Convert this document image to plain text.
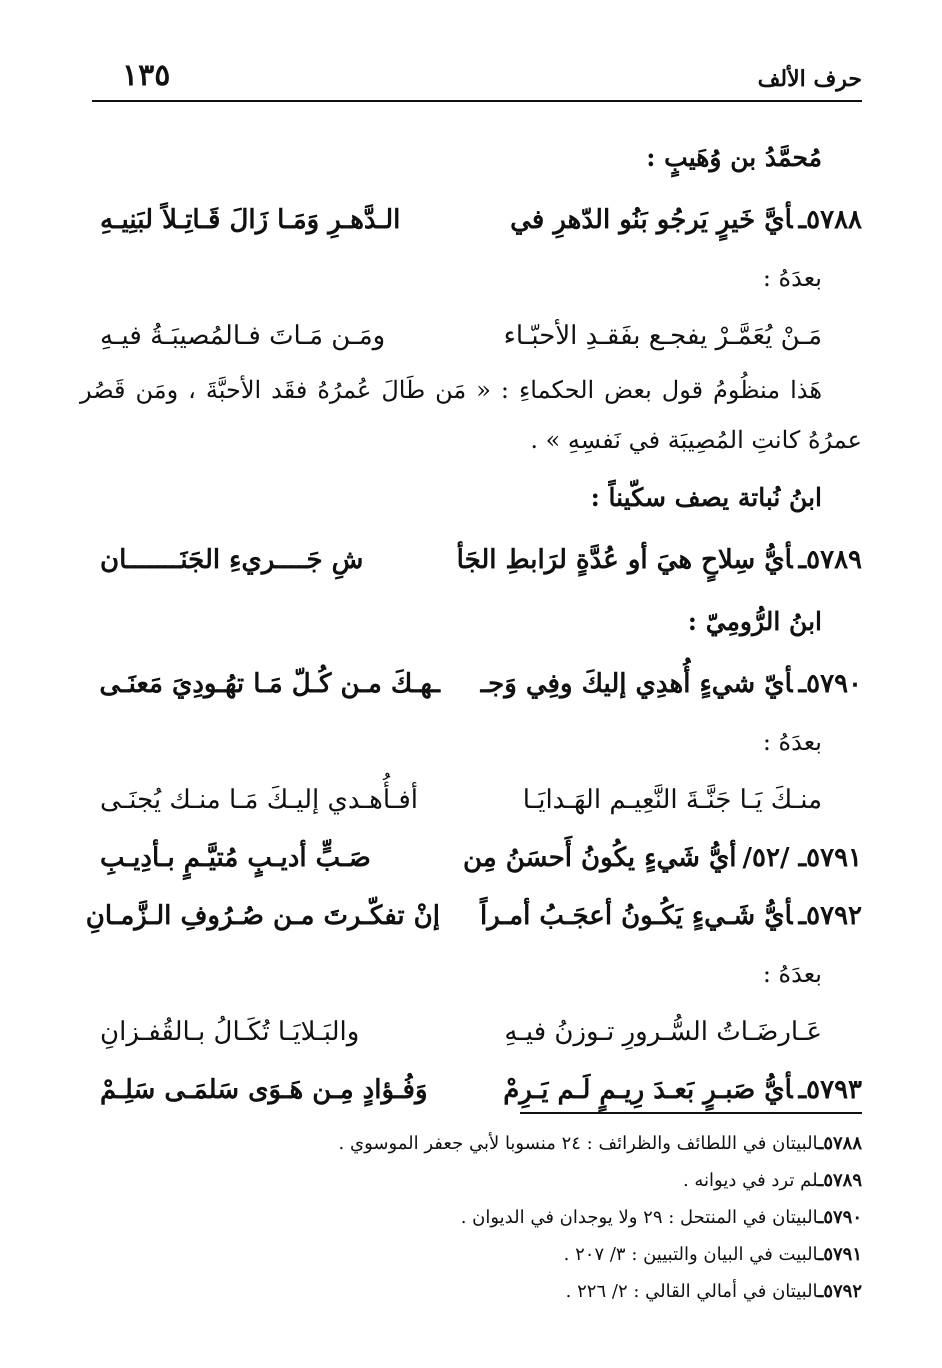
حرف الألف
١٣٥
مُحمَّدُ بن وُهَيبٍ :
٥٧٨٨ـأيَّ خَيرٍ يَرجُو بَنُو الدّهرِ في
الـدَّهـرِ وَمَـا زَالَ قَـاتِـلاً لبَنِيـهِ
بعدَهُ :
مَـنْ يُعَمَّـرْ يفجـع بفَقـدِ الأحبّـاء
ومَـن مَـاتَ فـالمُصيبَـةُ فيـهِ

هَذا منظُومُ قول بعض الحكماءِ : « مَن طَالَ عُمرُهُ فقَد الأحبَّةَ ، ومَن قَصُر عمرُهُ كانتِ المُصِيبَة في نَفسِهِ » .

ابنُ نُباتة يصف سكّيناً :
٥٧٨٩ـأيُّ سِلاحٍ هيَ أو عُدَّةٍ لرَابطِ الجَأ
شِ جَــــريءِ الجَنَـــــــان
ابنُ الرُّومِيّ :
٥٧٩٠ـأيّ شيءٍ أُهدِي إليكَ وفِي وَجـ
ـهـكَ مـن كُـلّ مَـا تهُـودِيَ مَعنَـى
بعدَهُ :
منـكَ يَـا جَنَّـةَ النَّعِيـم الهَـدايَـا
أفـأُهـدي إليـكَ مَـا منـك يُجنَـى
٥٧٩١ـ /٥٢/أيُّ شَيءٍ يكُونُ أَحسَنُ مِن
صَـبٍّ أديـبٍ مُتيَّـمٍ بـأدِيـبِ
٥٧٩٢ـأيُّ شَـيءٍ يَكُـونُ أعجَـبُ أمـراً
إنْ تفكّـرتَ مـن صُـرُوفِ الـزَّمـانِ
بعدَهُ :
عَـارضَـاتُ السُّـرورِ تـوزنُ فيـهِ
والبَـلايَـا تُكَـالُ بـالقُفـزانِ
٥٧٩٣ـأيُّ صَبـرٍ بَعـدَ رِيـمٍ لَـم يَـرِمْ
وَفُـؤادٍ مِـن هَـوَى سَلمَـى سَلِـمْ
٥٧٨٨ـالبيتان في اللطائف والظرائف : ٢٤ منسوبا لأبي جعفر الموسوي .
٥٧٨٩ـلم ترد في ديوانه .
٥٧٩٠ـالبيتان في المنتحل : ٢٩ ولا يوجدان في الديوان .
٥٧٩١ـالبيت في البيان والتبيين : ٣/ ٢٠٧ .
٥٧٩٢ـالبيتان في أمالي القالي : ٢/ ٢٢٦ .
